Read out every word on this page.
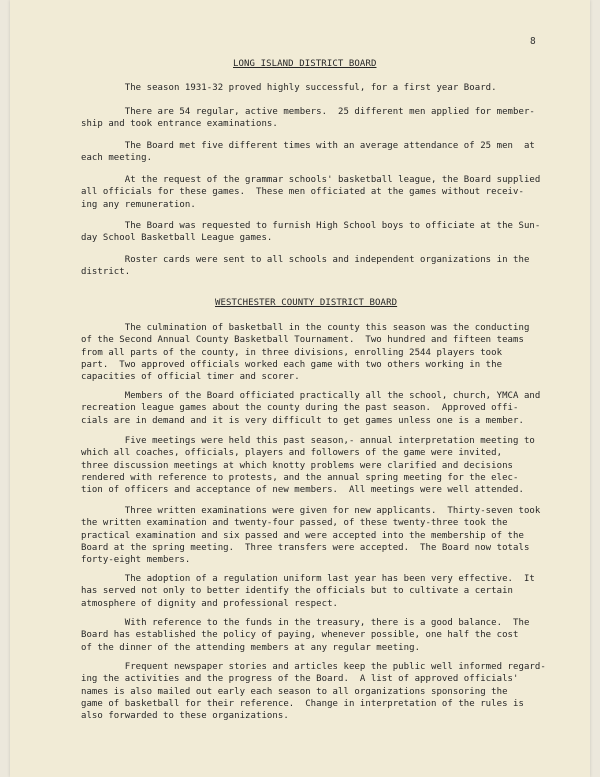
8
LONG ISLAND DISTRICT BOARD
The season 1931-32 proved highly successful, for a first year Board.
There are 54 regular, active members.  25 different men applied for member-
ship and took entrance examinations.
The Board met five different times with an average attendance of 25 men  at
each meeting.
At the request of the grammar schools' basketball league, the Board supplied
all officials for these games.  These men officiated at the games without receiv-
ing any remuneration.
The Board was requested to furnish High School boys to officiate at the Sun-
day School Basketball League games.
Roster cards were sent to all schools and independent organizations in the
district.
WESTCHESTER COUNTY DISTRICT BOARD
The culmination of basketball in the county this season was the conducting
of the Second Annual County Basketball Tournament.  Two hundred and fifteen teams
from all parts of the county, in three divisions, enrolling 2544 players took
part.  Two approved officials worked each game with two others working in the
capacities of official timer and scorer.
Members of the Board officiated practically all the school, church, YMCA and
recreation league games about the county during the past season.  Approved offi-
cials are in demand and it is very difficult to get games unless one is a member.
Five meetings were held this past season,- annual interpretation meeting to
which all coaches, officials, players and followers of the game were invited,
three discussion meetings at which knotty problems were clarified and decisions
rendered with reference to protests, and the annual spring meeting for the elec-
tion of officers and acceptance of new members.  All meetings were well attended.
Three written examinations were given for new applicants.  Thirty-seven took
the written examination and twenty-four passed, of these twenty-three took the
practical examination and six passed and were accepted into the membership of the
Board at the spring meeting.  Three transfers were accepted.  The Board now totals
forty-eight members.
The adoption of a regulation uniform last year has been very effective.  It
has served not only to better identify the officials but to cultivate a certain
atmosphere of dignity and professional respect.
With reference to the funds in the treasury, there is a good balance.  The
Board has established the policy of paying, whenever possible, one half the cost
of the dinner of the attending members at any regular meeting.
Frequent newspaper stories and articles keep the public well informed regard-
ing the activities and the progress of the Board.  A list of approved officials'
names is also mailed out early each season to all organizations sponsoring the
game of basketball for their reference.  Change in interpretation of the rules is
also forwarded to these organizations.
